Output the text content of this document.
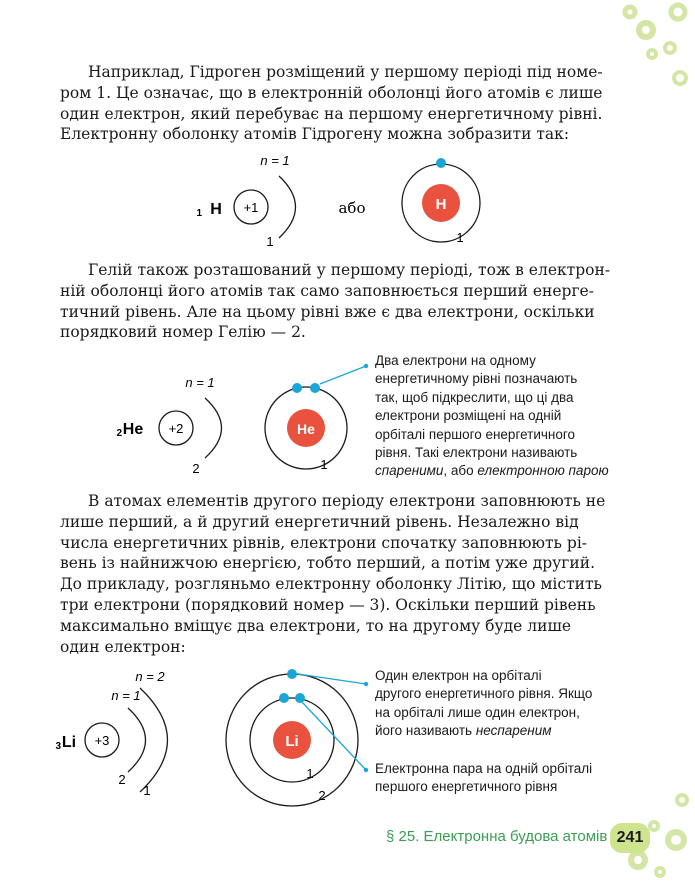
Наприклад, Гідроген розміщений у першому періоді під номе-
ром 1. Це означає, що в електронній оболонці його атомів є лише
один електрон, який перебуває на першому енергетичному рівні.
Електронну оболонку атомів Гідрогену можна зобразити так:
1 H +1
n = 1
1
або	H
1
Гелій також розташований у першому періоді, тож в електрон-
ній оболонці його атомів так само заповнюється перший енерге-
тичний рівень. Але на цьому рівні вже є два електрони, оскільки
порядковий номер Гелію — 2.
2 He +2
n = 1
2
He
1
Два електрони на одному
енергетичному рівні позначають
так, щоб підкреслити, що ці два
електрони розміщені на одній
орбіталі першого енергетичного
рівня. Такі електрони називають
спареними, або електронною парою
В атомах елементів другого періоду електрони заповнюють не
лише перший, а й другий енергетичний рівень. Незалежно від
числа енергетичних рівнів, електрони спочатку заповнюють рі-
вень із найнижчою енергією, тобто перший, а потім уже другий.
До прикладу, розгляньмо електронну оболонку Літію, що містить
три електрони (порядковий номер — 3). Оскільки перший рівень
максимально вміщує два електрони, то на другому буде лише
один електрон:
3 Li +3
n = 2
n = 1
2
1
Li
1
2
Один електрон на орбіталі
другого енергетичного рівня. Якщо
на орбіталі лише один електрон,
його називають неспареним
Електронна пара на одній орбіталі
першого енергетичного рівня
§ 25. Електронна будова атомів 241
